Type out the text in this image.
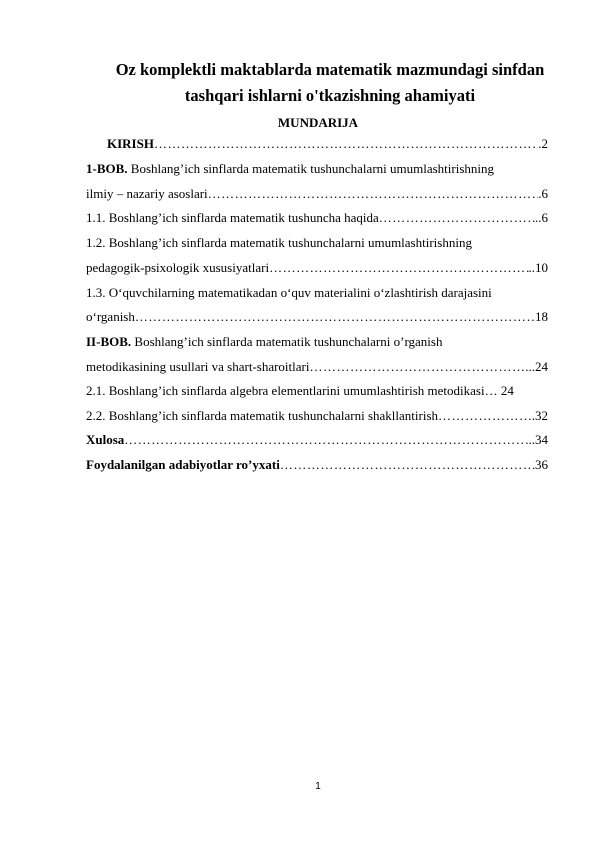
Oz komplektli maktablarda matematik mazmundagi sinfdan
tashqari ishlarni o'tkazishning ahamiyati
MUNDARIJA
KIRISH ………………………………………………………………………………………………………………………………	.2
1-BOB. Boshlang’ich sinflarda matematik tushunchalarni umumlashtirishning
ilmiy – nazariy asoslari ………………………………………………………………………………………………………………………………	.6
1.1. Boshlang’ich sinflarda matematik tushuncha haqida ………………………………………………………………………………………………………………………………	..6
1.2. Boshlang’ich sinflarda matematik tushunchalarni umumlashtirishning
pedagogik-psixologik xususiyatlari ………………………………………………………………………………………………………………………………	..10
1.3. O‘quvchilarning matematikadan o‘quv materialini o‘zlashtirish darajasini
o‘rganish ………………………………………………………………………………………………………………………………	18
II-BOB. Boshlang’ich sinflarda matematik tushunchalarni o’rganish
metodikasining usullari va shart-sharoitlari ………………………………………………………………………………………………………………………………	...24
2.1. Boshlang’ich sinflarda algebra elementlarini umumlashtirish metodikasi… 24
2.2. Boshlang’ich sinflarda matematik tushunchalarni shakllantirish ………………………………………………………………………………………………………………………………	.32
Xulosa ………………………………………………………………………………………………………………………………	...34
Foydalanilgan adabiyotlar ro’yxati ………………………………………………………………………………………………………………………………	36
1
